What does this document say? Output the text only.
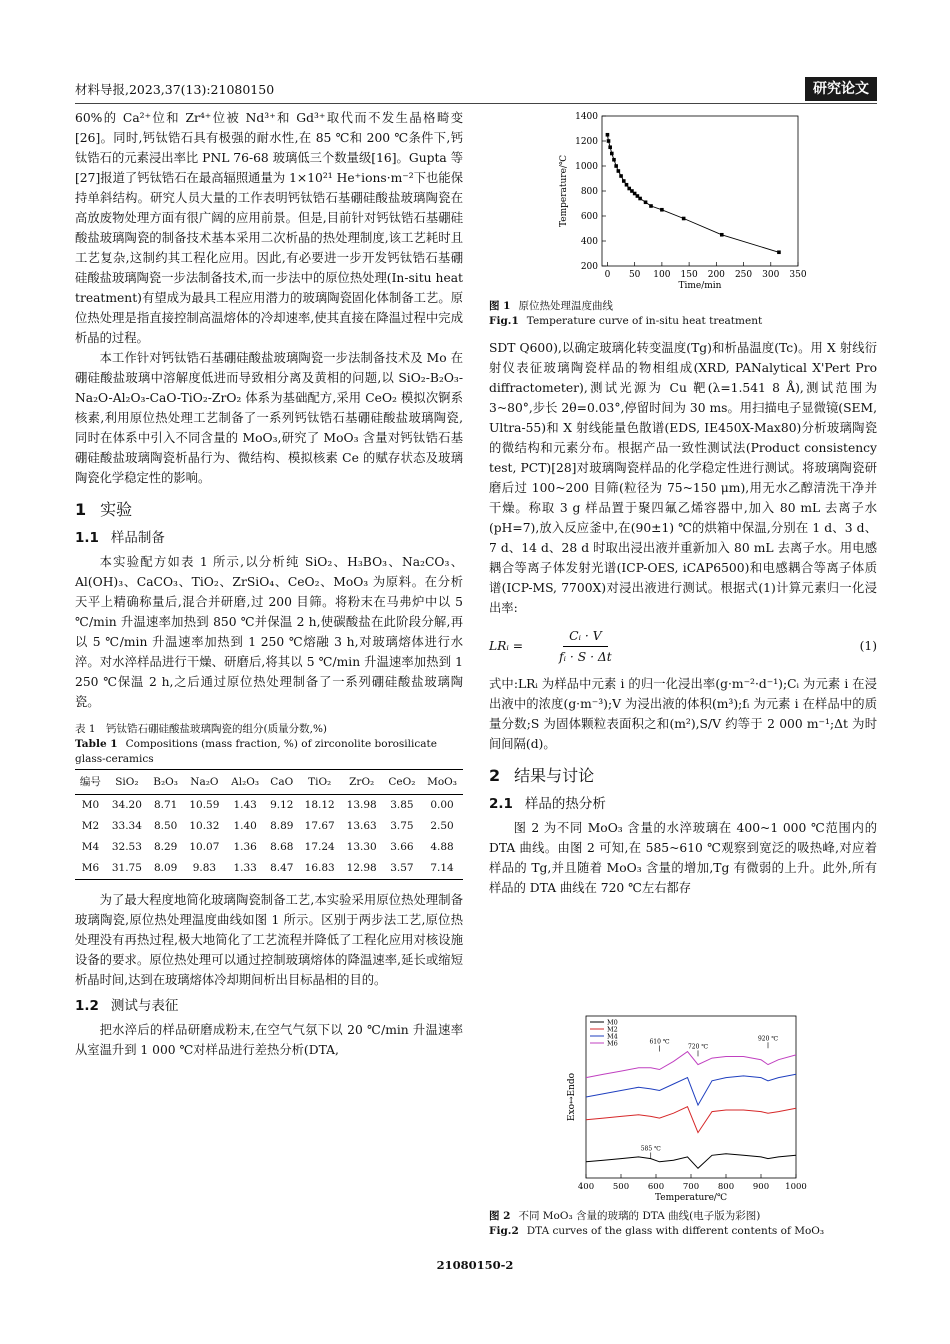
材料导报,2023,37(13):21080150	研究论文

60%的 Ca²⁺位和 Zr⁴⁺位被 Nd³⁺和 Gd³⁺取代而不发生晶格畸变[26]。同时,钙钛锆石具有极强的耐水性,在 85 ℃和 200 ℃条件下,钙钛锆石的元素浸出率比 PNL 76-68 玻璃低三个数量级[16]。Gupta 等[27]报道了钙钛锆石在最高辐照通量为 1×10²¹ He⁺ions·m⁻²下也能保持单斜结构。研究人员大量的工作表明钙钛锆石基硼硅酸盐玻璃陶瓷在高放废物处理方面有很广阔的应用前景。但是,目前针对钙钛锆石基硼硅酸盐玻璃陶瓷的制备技术基本采用二次析晶的热处理制度,该工艺耗时且工艺复杂,这制约其工程化应用。因此,有必要进一步开发钙钛锆石基硼硅酸盐玻璃陶瓷一步法制备技术,而一步法中的原位热处理(In-situ heat treatment)有望成为最具工程应用潜力的玻璃陶瓷固化体制备工艺。原位热处理是指直接控制高温熔体的冷却速率,使其直接在降温过程中完成析晶的过程。

本工作针对钙钛锆石基硼硅酸盐玻璃陶瓷一步法制备技术及 Mo 在硼硅酸盐玻璃中溶解度低进而导致相分离及黄相的问题,以 SiO₂-B₂O₃-Na₂O-Al₂O₃-CaO-TiO₂-ZrO₂ 体系为基础配方,采用 CeO₂ 模拟次锕系核素,利用原位热处理工艺制备了一系列钙钛锆石基硼硅酸盐玻璃陶瓷,同时在体系中引入不同含量的 MoO₃,研究了 MoO₃ 含量对钙钛锆石基硼硅酸盐玻璃陶瓷析晶行为、微结构、模拟核素 Ce 的赋存状态及玻璃陶瓷化学稳定性的影响。

1 实验
1.1 样品制备

本实验配方如表 1 所示,以分析纯 SiO₂、H₃BO₃、Na₂CO₃、Al(OH)₃、CaCO₃、TiO₂、ZrSiO₄、CeO₂、MoO₃ 为原料。在分析天平上精确称量后,混合并研磨,过 200 目筛。将粉末在马弗炉中以 5 ℃/min 升温速率加热到 850 ℃并保温 2 h,使碳酸盐在此阶段分解,再以 5 ℃/min 升温速率加热到 1 250 ℃熔融 3 h,对玻璃熔体进行水淬。对水淬样品进行干燥、研磨后,将其以 5 ℃/min 升温速率加热到 1 250 ℃保温 2 h,之后通过原位热处理制备了一系列硼硅酸盐玻璃陶瓷。

表 1　钙钛锆石硼硅酸盐玻璃陶瓷的组分(质量分数,%)
Table 1 Compositions (mass fraction, %) of zirconolite borosilicate glass-ceramics
编号	SiO₂	B₂O₃	Na₂O	Al₂O₃	CaO	TiO₂	ZrO₂	CeO₂	MoO₃
M0	34.20	8.71	10.59	1.43	9.12	18.12	13.98	3.85	0.00
M2	33.34	8.50	10.32	1.40	8.89	17.67	13.63	3.75	2.50
M4	32.53	8.29	10.07	1.36	8.68	17.24	13.30	3.66	4.88
M6	31.75	8.09	9.83	1.33	8.47	16.83	12.98	3.57	7.14

为了最大程度地简化玻璃陶瓷制备工艺,本实验采用原位热处理制备玻璃陶瓷,原位热处理温度曲线如图 1 所示。区别于两步法工艺,原位热处理没有再热过程,极大地简化了工艺流程并降低了工程化应用对核设施设备的要求。原位热处理可以通过控制玻璃熔体的降温速率,延长或缩短析晶时间,达到在玻璃熔体冷却期间析出目标晶相的目的。

1.2 测试与表征

把水淬后的样品研磨成粉末,在空气气氛下以 20 ℃/min 升温速率从室温升到 1 000 ℃对样品进行差热分析(DTA,

200
400
600
800
1000
1200
1400
0 50 100 150 200 250 300 350
Time/min
Temperature/℃
图 1 原位热处理温度曲线
Fig.1 Temperature curve of in-situ heat treatment

SDT Q600),以确定玻璃化转变温度(Tg)和析晶温度(Tc)。用 X 射线衍射仪表征玻璃陶瓷样品的物相组成(XRD, PANalytical X'Pert Pro diffractometer),测试光源为 Cu 靶(λ=1.541 8 Å),测试范围为 3~80°,步长 2θ=0.03°,停留时间为 30 ms。用扫描电子显微镜(SEM, Ultra-55)和 X 射线能量色散谱(EDS, IE450X-Max80)分析玻璃陶瓷的微结构和元素分布。根据产品一致性测试法(Product consistency test, PCT)[28]对玻璃陶瓷样品的化学稳定性进行测试。将玻璃陶瓷研磨后过 100~200 目筛(粒径为 75~150 μm),用无水乙醇清洗干净并干燥。称取 3 g 样品置于聚四氟乙烯容器中,加入 80 mL 去离子水(pH=7),放入反应釜中,在(90±1) ℃的烘箱中保温,分别在 1 d、3 d、7 d、14 d、28 d 时取出浸出液并重新加入 80 mL 去离子水。用电感耦合等离子体发射光谱(ICP-OES, iCAP6500)和电感耦合等离子体质谱(ICP-MS, 7700X)对浸出液进行测试。根据式(1)计算元素归一化浸出率:

LRᵢ =	$\frac{\text{Cᵢ · V}}{\text{fᵢ · S · Δt}}$	(1)

式中:LRᵢ 为样品中元素 i 的归一化浸出率(g·m⁻²·d⁻¹);Cᵢ 为元素 i 在浸出液中的浓度(g·m⁻³);V 为浸出液的体积(m³);fᵢ 为元素 i 在样品中的质量分数;S 为固体颗粒表面积之和(m²),S/V 约等于 2 000 m⁻¹;Δt 为时间间隔(d)。

2 结果与讨论
2.1 样品的热分析

图 2 为不同 MoO₃ 含量的水淬玻璃在 400~1 000 ℃范围内的 DTA 曲线。由图 2 可知,在 585~610 ℃观察到宽泛的吸热峰,对应着样品的 Tg,并且随着 MoO₃ 含量的增加,Tg 有微弱的上升。此外,所有样品的 DTA 曲线在 720 ℃左右都存

400 500 600 700 800 900 1000
Temperature/℃
Exo↔Endo
M0
M2
M4
M6
585 ℃
610 ℃
720 ℃
920 ℃
图 2 不同 MoO₃ 含量的玻璃的 DTA 曲线(电子版为彩图)
Fig.2 DTA curves of the glass with different contents of MoO₃
21080150-2
